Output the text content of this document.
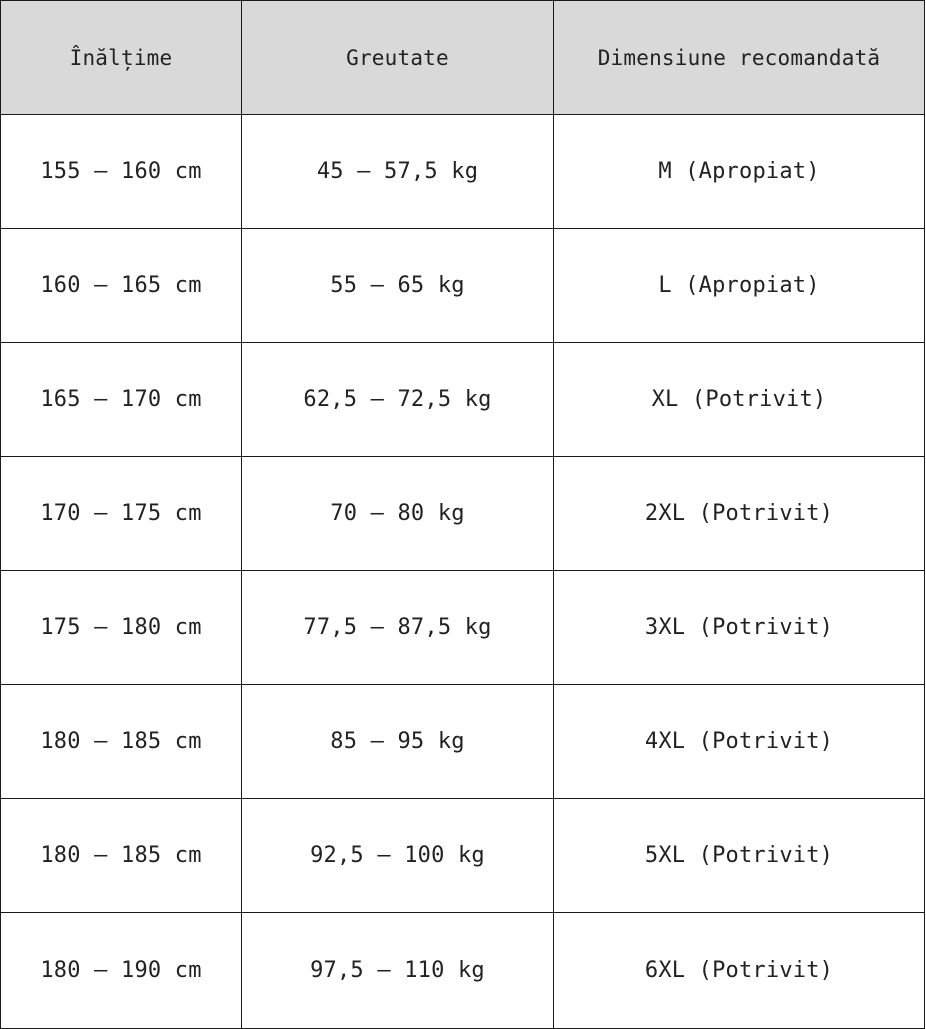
Înălțime	Greutate	Dimensiune recomandată
155 – 160 cm	45 – 57,5 kg	M (Apropiat)
160 – 165 cm	55 – 65 kg	L (Apropiat)
165 – 170 cm	62,5 – 72,5 kg	XL (Potrivit)
170 – 175 cm	70 – 80 kg	2XL (Potrivit)
175 – 180 cm	77,5 – 87,5 kg	3XL (Potrivit)
180 – 185 cm	85 – 95 kg	4XL (Potrivit)
180 – 185 cm	92,5 – 100 kg	5XL (Potrivit)
180 – 190 cm	97,5 – 110 kg	6XL (Potrivit)
